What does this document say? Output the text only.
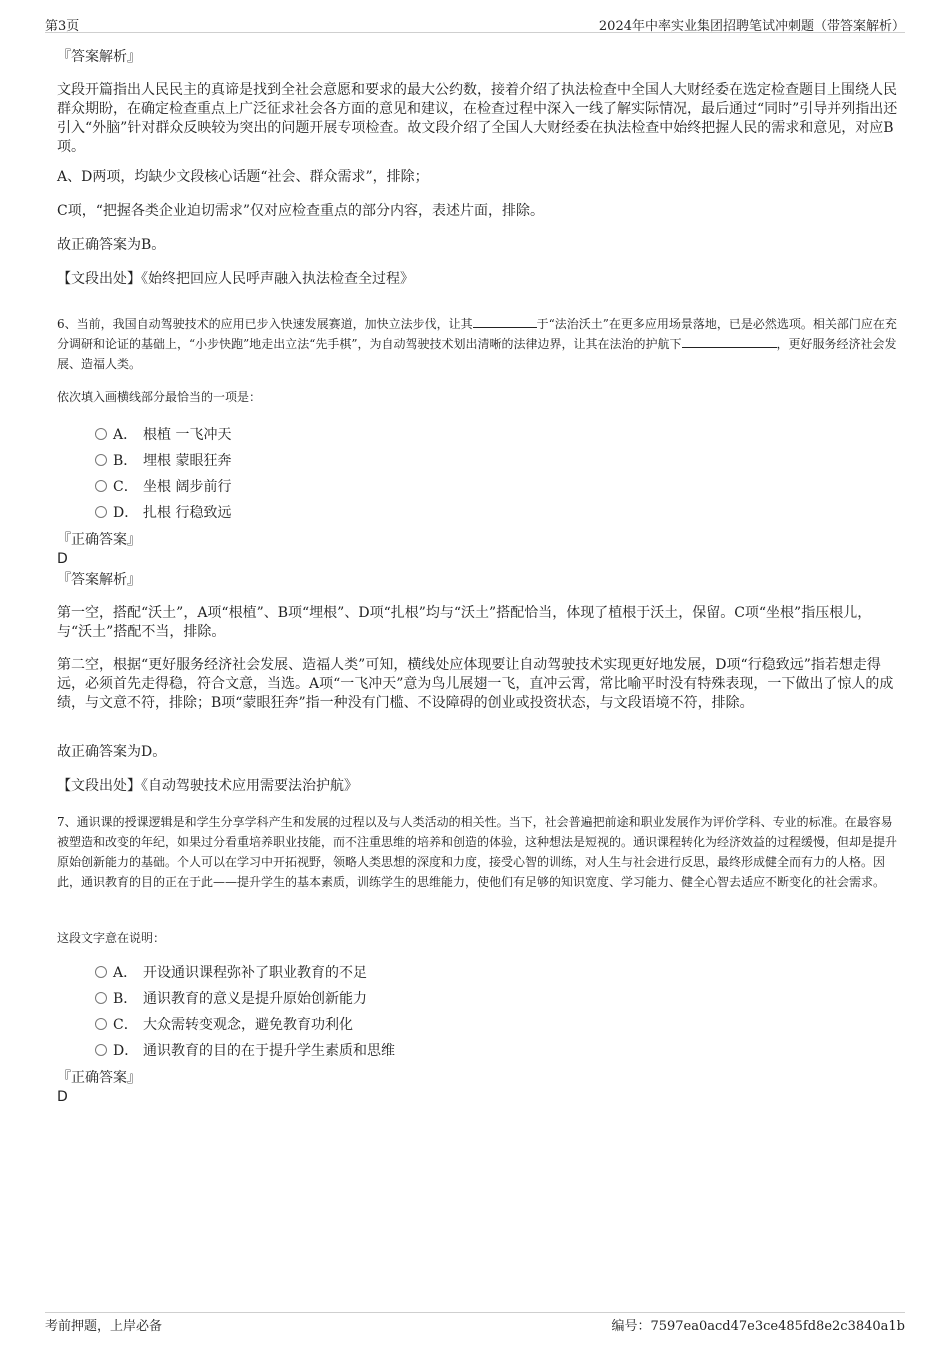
第3页	2024年中率实业集团招聘笔试冲刺题（带答案解析）
『答案解析』
文段开篇指出人民民主的真谛是找到全社会意愿和要求的最大公约数，接着介绍了执法检查中全国人大财经委在选定检查题目上围绕人民群众期盼，在确定检查重点上广泛征求社会各方面的意见和建议，在检查过程中深入一线了解实际情况，最后通过“同时”引导并列指出还引入“外脑”针对群众反映较为突出的问题开展专项检查。故文段介绍了全国人大财经委在执法检查中始终把握人民的需求和意见，对应B项。
A、D两项，均缺少文段核心话题“社会、群众需求”，排除；
C项，“把握各类企业迫切需求”仅对应检查重点的部分内容，表述片面，排除。
故正确答案为B。
【文段出处】《始终把回应人民呼声融入执法检查全过程》
6、当前，我国自动驾驶技术的应用已步入快速发展赛道，加快立法步伐，让其	于“法治沃土”在更多应用场景落地，已是必然选项。相关部门应在充分调研和论证的基础上，“小步快跑”地走出立法“先手棋”，为自动驾驶技术划出清晰的法律边界，让其在法治的护航下	，更好服务经济社会发展、造福人类。
依次填入画横线部分最恰当的一项是：
A． 根植 一飞冲天
B． 埋根 蒙眼狂奔
C． 坐根 阔步前行
D． 扎根 行稳致远
『正确答案』
D
『答案解析』
第一空，搭配“沃土”，A项“根植”、B项“埋根”、D项“扎根”均与“沃土”搭配恰当，体现了植根于沃土，保留。C项“坐根”指压根儿，与“沃土”搭配不当，排除。
第二空，根据“更好服务经济社会发展、造福人类”可知，横线处应体现要让自动驾驶技术实现更好地发展，D项“行稳致远”指若想走得远，必须首先走得稳，符合文意，当选。A项“一飞冲天”意为鸟儿展翅一飞，直冲云霄，常比喻平时没有特殊表现，一下做出了惊人的成绩，与文意不符，排除；B项“蒙眼狂奔”指一种没有门槛、不设障碍的创业或投资状态，与文段语境不符，排除。
故正确答案为D。
【文段出处】《自动驾驶技术应用需要法治护航》
7、通识课的授课逻辑是和学生分享学科产生和发展的过程以及与人类活动的相关性。当下，社会普遍把前途和职业发展作为评价学科、专业的标准。在最容易被塑造和改变的年纪，如果过分看重培养职业技能，而不注重思维的培养和创造的体验，这种想法是短视的。通识课程转化为经济效益的过程缓慢，但却是提升原始创新能力的基础。个人可以在学习中开拓视野，领略人类思想的深度和力度，接受心智的训练，对人生与社会进行反思，最终形成健全而有力的人格。因此，通识教育的目的正在于此——提升学生的基本素质，训练学生的思维能力，使他们有足够的知识宽度、学习能力、健全心智去适应不断变化的社会需求。
这段文字意在说明：
A． 开设通识课程弥补了职业教育的不足
B． 通识教育的意义是提升原始创新能力
C． 大众需转变观念，避免教育功利化
D． 通识教育的目的在于提升学生素质和思维
『正确答案』
D
考前押题，上岸必备	编号：7597ea0acd47e3ce485fd8e2c3840a1b
